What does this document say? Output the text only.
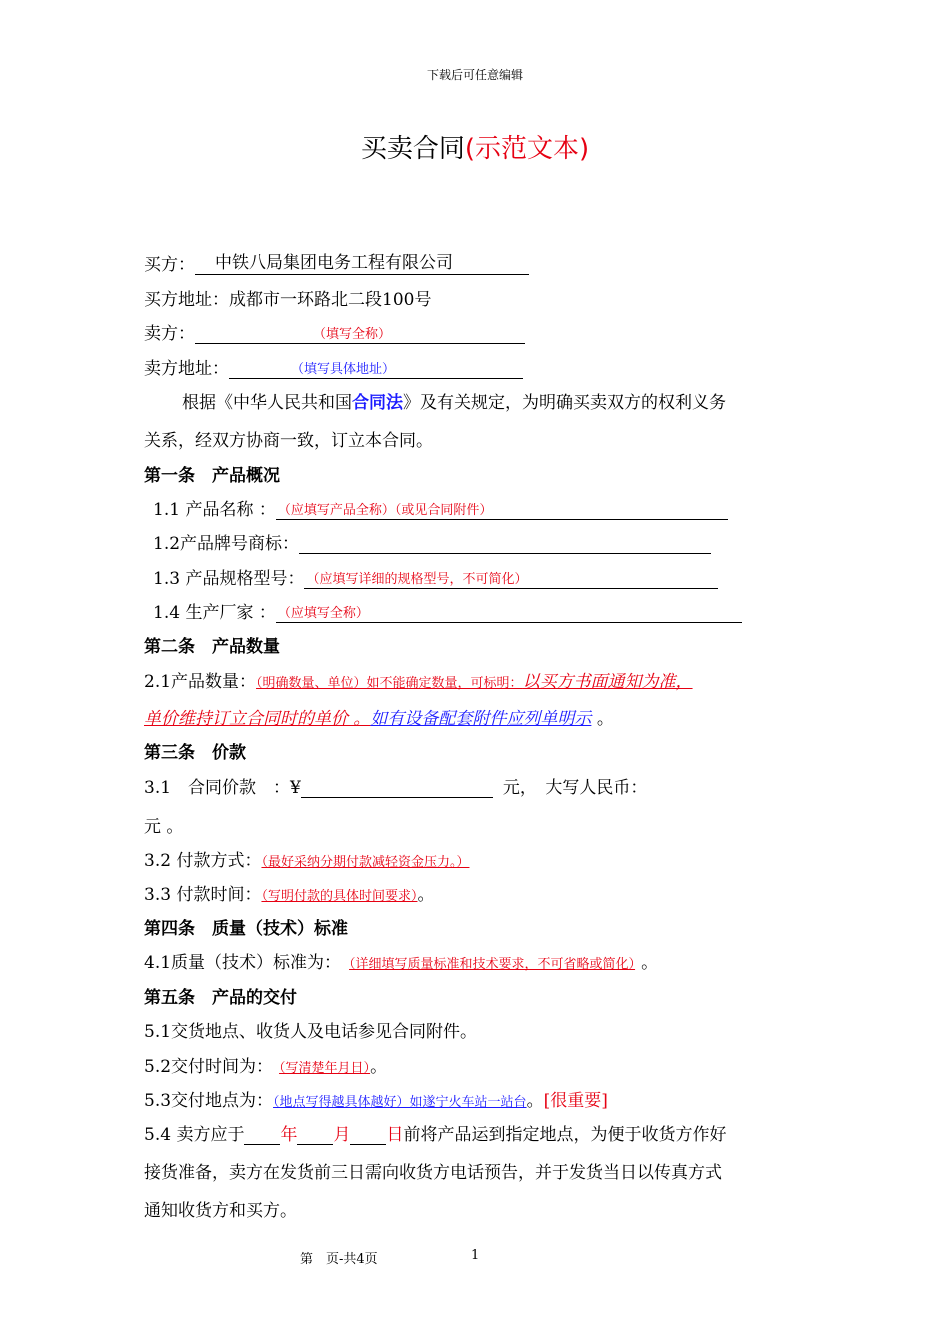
下载后可任意编辑
买卖合同(示范文本)
买方： 中铁八局集团电务工程有限公司
买方地址：成都市一环路北二段100号
卖方：	（填写全称）
卖方地址：	（填写具体地址）
根据《中华人民共和国合同法》及有关规定，为明确买卖双方的权利义务
关系，经双方协商一致，订立本合同。
第一条　产品概况
1.1 产品名称 ： （应填写产品全称）（或见合同附件）
1.2产品牌号商标：
1.3 产品规格型号： （应填写详细的规格型号，不可简化）
1.4 生产厂家 ： （应填写全称）
第二条　产品数量
2.1产品数量：（明确数量、单位）如不能确定数量，可标明：以买方书面通知为准，
单价维持订立合同时的单价 。如有设备配套附件应列单明示 。
第三条　价款
3.1　合同价款　：¥	元，　大写人民币：
元 。
3.2 付款方式：（最好采纳分期付款减轻资金压力。）
3.3 付款时间：（写明付款的具体时间要求）。
第四条　质量（技术）标准
4.1质量（技术）标准为： （详细填写质量标准和技术要求，不可省略或简化） 。
第五条　产品的交付
5.1交货地点、收货人及电话参见合同附件。
5.2交付时间为： （写清楚年月日）。
5.3交付地点为：（地点写得越具体越好）如遂宁火车站一站台。[很重要]
5.4 卖方应于 年 月 日前将产品运到指定地点，为便于收货方作好
接货准备，卖方在发货前三日需向收货方电话预告，并于发货当日以传真方式
通知收货方和买方。
第　页-共4页	1
